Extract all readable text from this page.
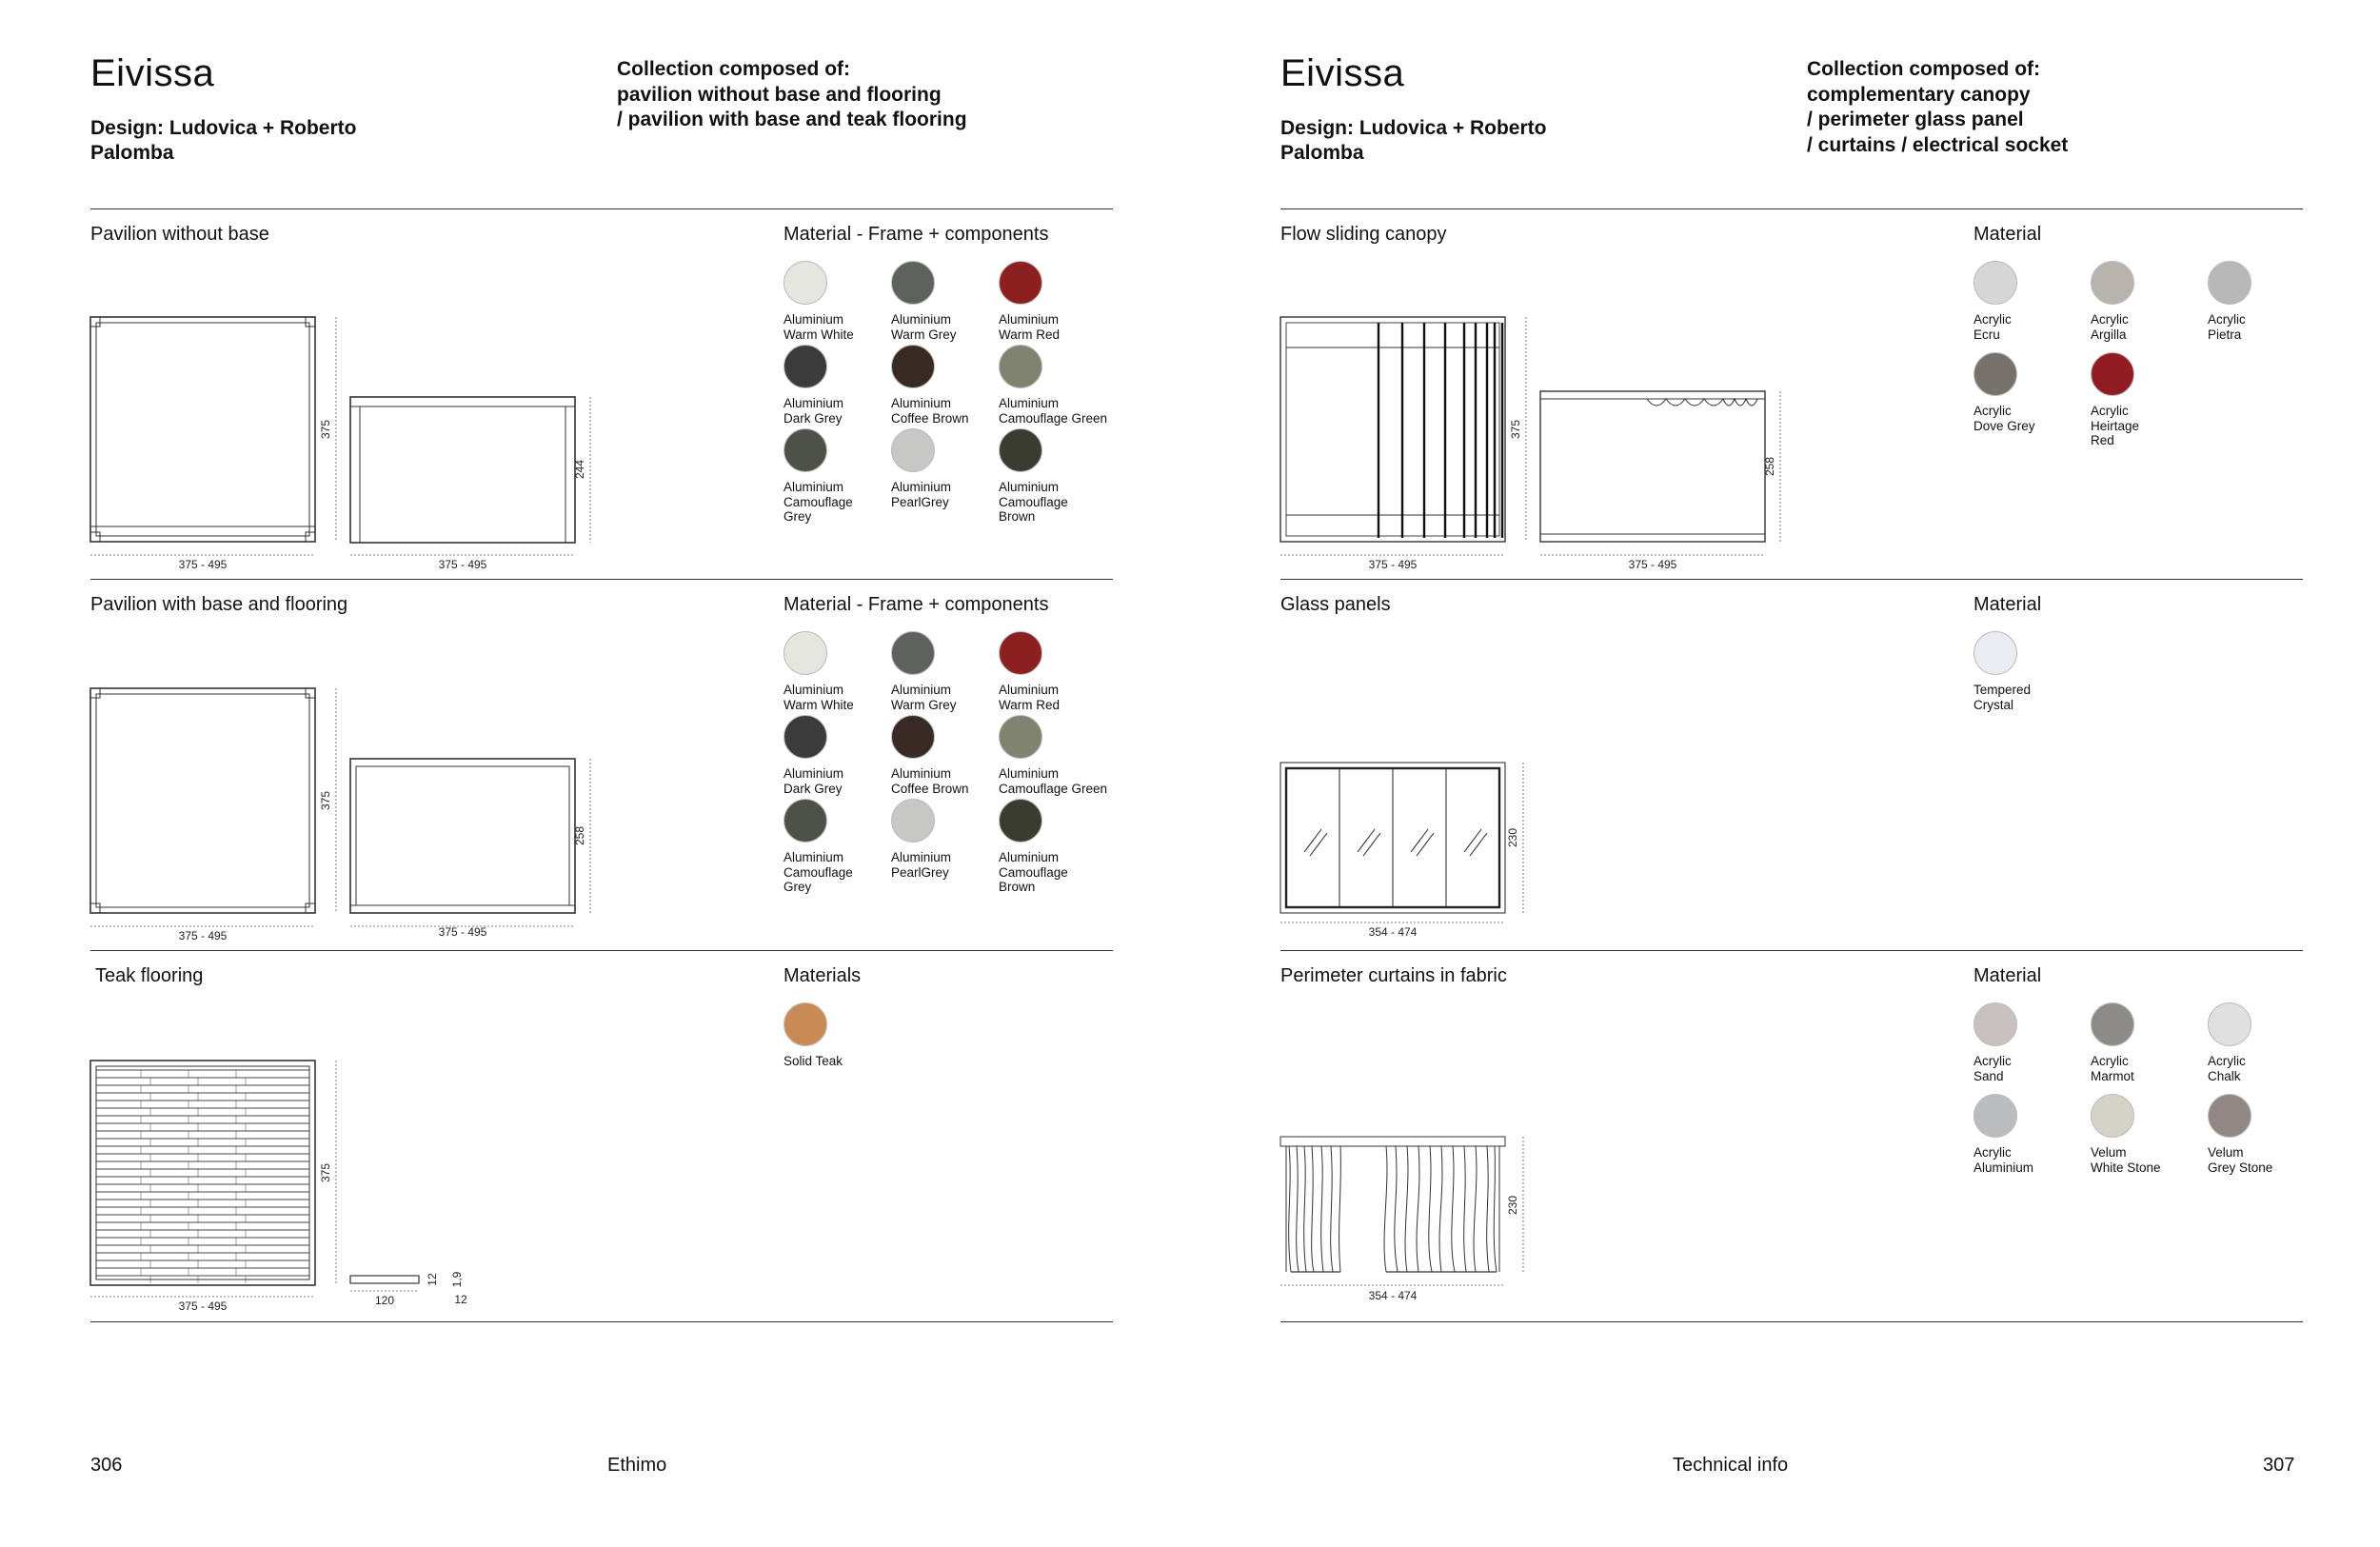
Eivissa
Design: Ludovica + Roberto
Palomba
Collection composed of:
pavilion without base and flooring
/ pavilion with base and teak flooring
Pavilion without base	Material - Frame + components
Aluminium
Warm White
Aluminium
Warm Grey
Aluminium
Warm Red
Aluminium
Dark Grey
Aluminium
Coffee Brown
Aluminium
Camouflage Green
Aluminium
Camouflage
Grey
Aluminium
PearlGrey
Aluminium
Camouflage
Brown
375 - 495	375 - 495
375
244
Pavilion with base and flooring	Material - Frame + components
Aluminium
Warm White
Aluminium
Warm Grey
Aluminium
Warm Red
Aluminium
Dark Grey
Aluminium
Coffee Brown
Aluminium
Camouflage Green
Aluminium
Camouflage
Grey
Aluminium
PearlGrey
Aluminium
Camouflage
Brown
375 - 495	375 - 495
375
258
Teak flooring	Materials
Solid Teak
375 - 495	120
375
12 1,9
12
306	Ethimo
Eivissa
Design: Ludovica + Roberto
Palomba
Collection composed of:
complementary canopy
/ perimeter glass panel
/ curtains / electrical socket
Flow sliding canopy	Material
Acrylic
Ecru
Acrylic
Argilla
Acrylic
Pietra
Acrylic
Dove Grey
Acrylic
Heirtage
Red
375 - 495	375 - 495
375
258
Glass panels	Material
Tempered
Crystal
354 - 474
230
Perimeter curtains in fabric	Material
Acrylic
Sand
Acrylic
Marmot
Acrylic
Chalk
Acrylic
Aluminium
Velum
White Stone
Velum
Grey Stone
354 - 474
230
Technical info	307
